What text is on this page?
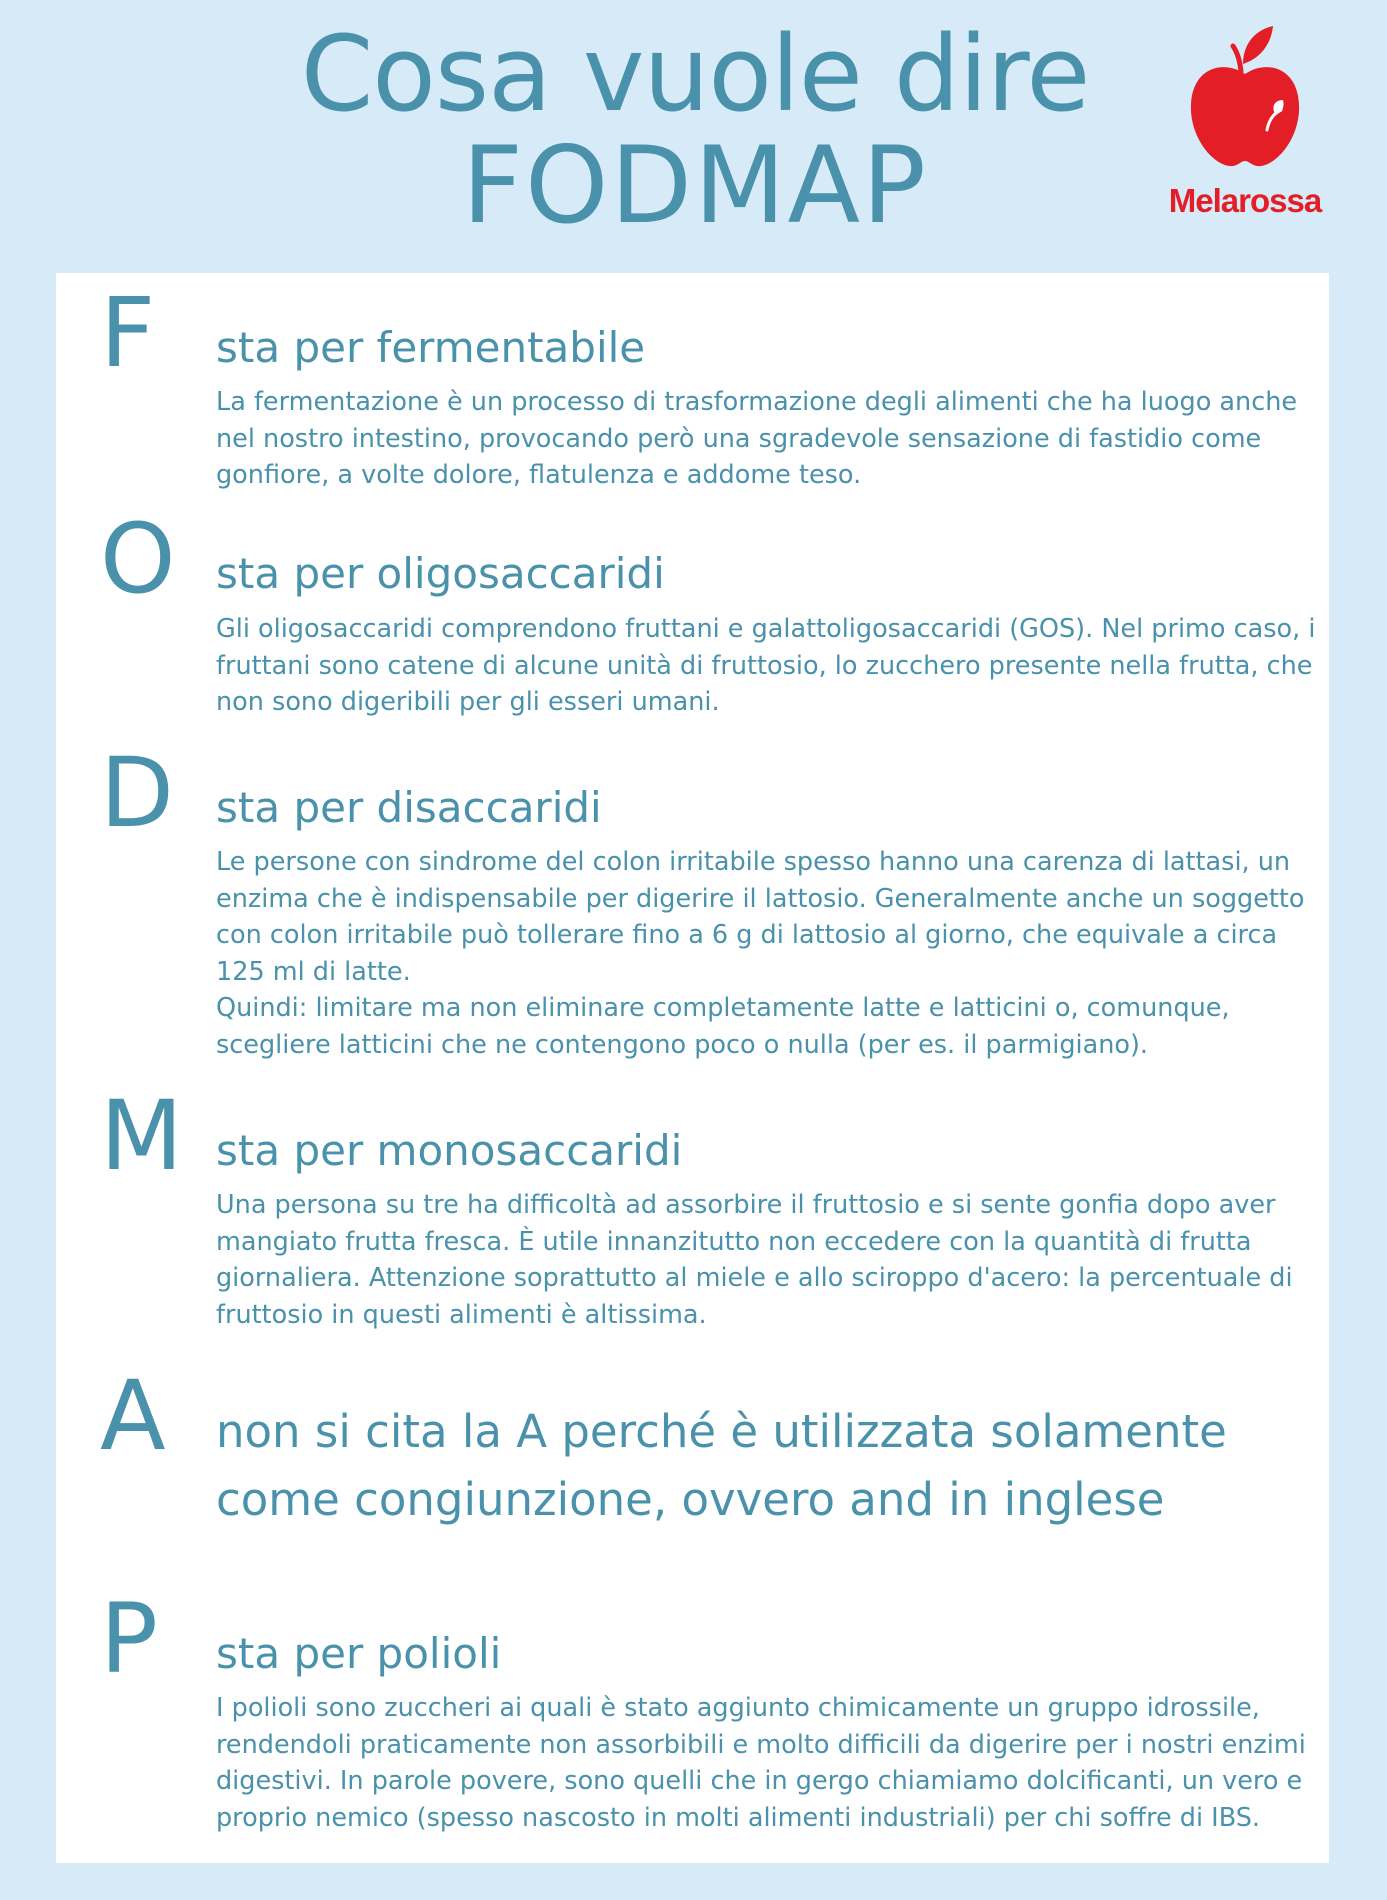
Cosa vuole dire
FODMAP	Melarossa
F	sta per fermentabile

La fermentazione è un processo di trasformazione degli alimenti che ha luogo anche nel nostro intestino, provocando però una sgradevole sensazione di fastidio come gonfiore, a volte dolore, flatulenza e addome teso.

O sta per oligosaccaridi

Gli oligosaccaridi comprendono fruttani e galattoligosaccaridi (GOS). Nel primo caso, i fruttani sono catene di alcune unità di fruttosio, lo zucchero presente nella frutta, che non sono digeribili per gli esseri umani.

D	sta per disaccaridi

Le persone con sindrome del colon irritabile spesso hanno una carenza di lattasi, un enzima che è indispensabile per digerire il lattosio. Generalmente anche un soggetto con colon irritabile può tollerare fino a 6 g di lattosio al giorno, che equivale a circa 125 ml di latte.

Quindi: limitare ma non eliminare completamente latte e latticini o, comunque, scegliere latticini che ne contengono poco o nulla (per es. il parmigiano).

M sta per monosaccaridi

Una persona su tre ha difficoltà ad assorbire il fruttosio e si sente gonfia dopo aver mangiato frutta fresca. È utile innanzitutto non eccedere con la quantità di frutta giornaliera. Attenzione soprattutto al miele e allo sciroppo d'acero: la percentuale di fruttosio in questi alimenti è altissima.

A	non si cita la A perché è utilizzata solamente come congiunzione, ovvero and in inglese
P	sta per polioli

I polioli sono zuccheri ai quali è stato aggiunto chimicamente un gruppo idrossile, rendendoli praticamente non assorbibili e molto difficili da digerire per i nostri enzimi digestivi. In parole povere, sono quelli che in gergo chiamiamo dolcificanti, un vero e proprio nemico (spesso nascosto in molti alimenti industriali) per chi soffre di IBS.
